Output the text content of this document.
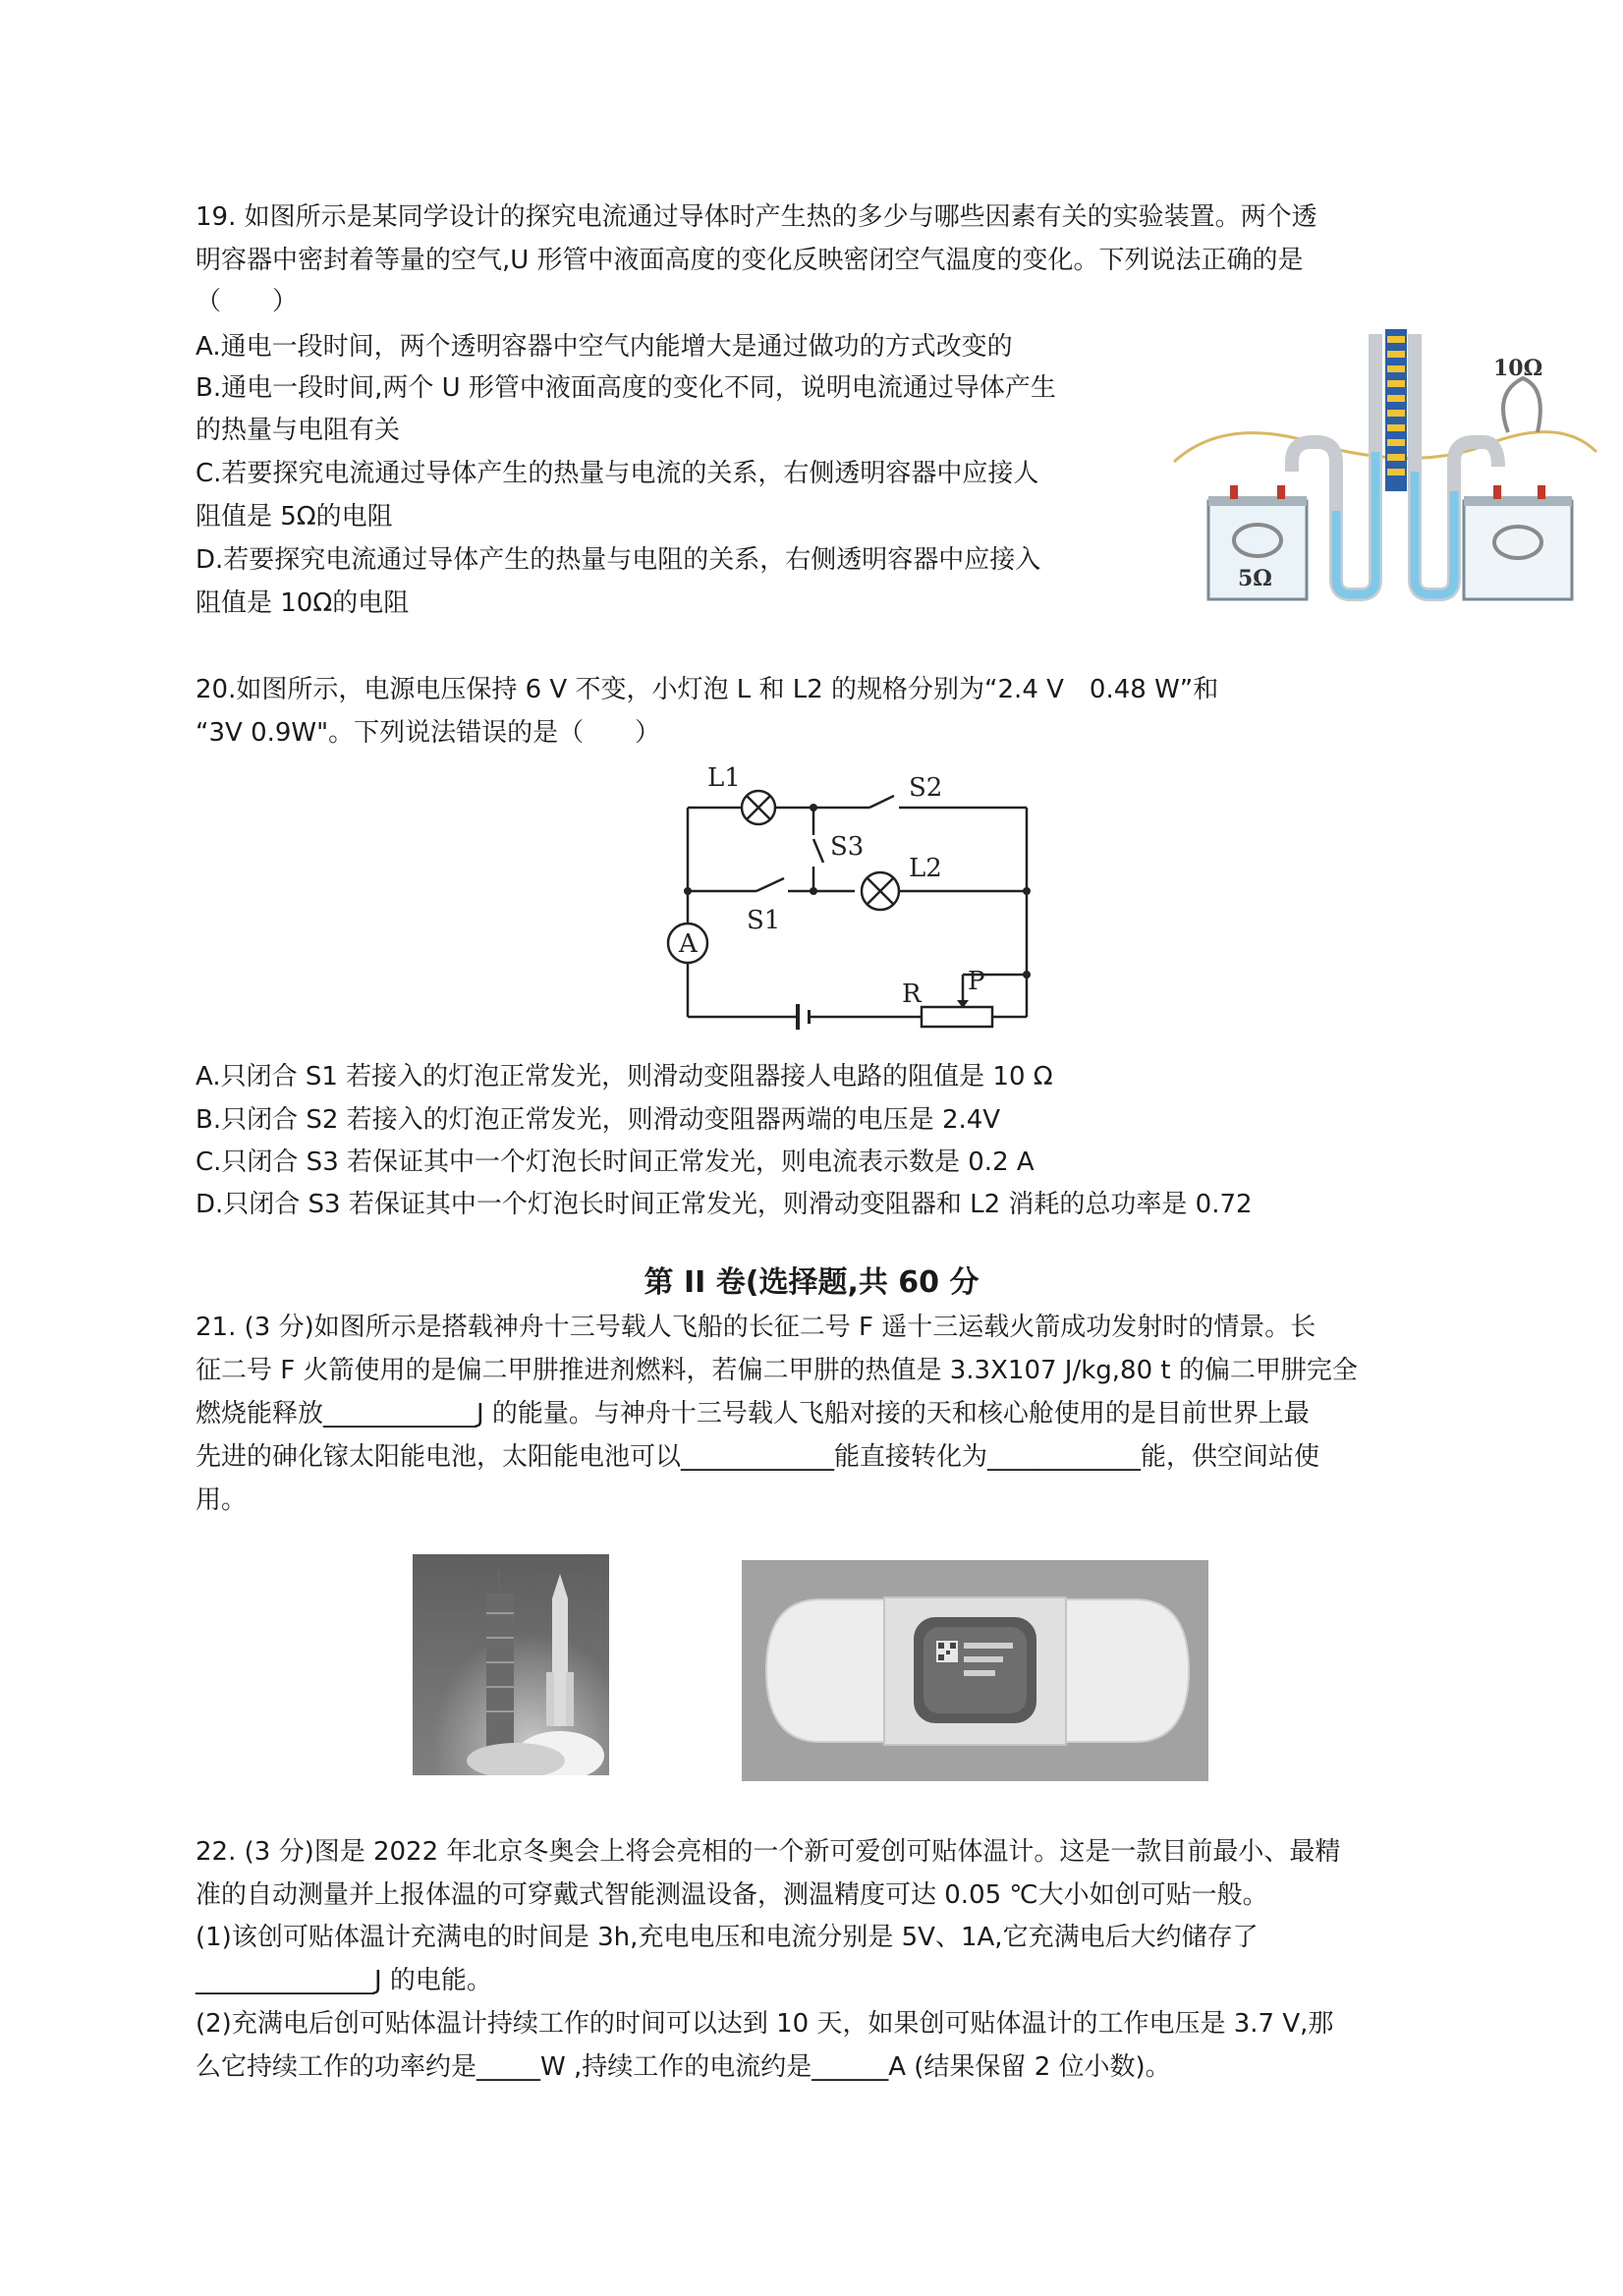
19. 如图所示是某同学设计的探究电流通过导体时产生热的多少与哪些因素有关的实验装置。两个透
明容器中密封着等量的空气,U 形管中液面高度的变化反映密闭空气温度的变化。下列说法正确的是
（　　）
A.通电一段时间，两个透明容器中空气内能增大是通过做功的方式改变的
B.通电一段时间,两个 U 形管中液面高度的变化不同，说明电流通过导体产生
的热量与电阻有关
C.若要探究电流通过导体产生的热量与电流的关系，右侧透明容器中应接人
阻值是 5Ω的电阻
D.若要探究电流通过导体产生的热量与电阻的关系，右侧透明容器中应接入
阻值是 10Ω的电阻
10Ω
5Ω
20.如图所示，电源电压保持 6 V 不变，小灯泡 L 和 L2 的规格分别为“2.4 V　0.48 W”和
“3V 0.9W"。下列说法错误的是（　　）
L1	S2
S3
L2
S1
A
R P
A.只闭合 S1 若接入的灯泡正常发光，则滑动变阻器接人电路的阻值是 10 Ω
B.只闭合 S2 若接入的灯泡正常发光，则滑动变阻器两端的电压是 2.4V
C.只闭合 S3 若保证其中一个灯泡长时间正常发光，则电流表示数是 0.2 A
D.只闭合 S3 若保证其中一个灯泡长时间正常发光，则滑动变阻器和 L2 消耗的总功率是 0.72
第 II 卷(选择题,共 60 分
21. (3 分)如图所示是搭载神舟十三号载人飞船的长征二号 F 遥十三运载火箭成功发射时的情景。长
征二号 F 火箭使用的是偏二甲肼推进剂燃料，若偏二甲肼的热值是 3.3X107 J/kg,80 t 的偏二甲肼完全
燃烧能释放____________J 的能量。与神舟十三号载人飞船对接的天和核心舱使用的是目前世界上最
先进的砷化镓太阳能电池，太阳能电池可以____________能直接转化为____________能，供空间站使
用。
22. (3 分)图是 2022 年北京冬奥会上将会亮相的一个新可爱创可贴体温计。这是一款目前最小、最精
准的自动测量并上报体温的可穿戴式智能测温设备，测温精度可达 0.05 ℃大小如创可贴一般。
(1)该创可贴体温计充满电的时间是 3h,充电电压和电流分别是 5V、1A,它充满电后大约储存了
______________J 的电能。
(2)充满电后创可贴体温计持续工作的时间可以达到 10 天，如果创可贴体温计的工作电压是 3.7 V,那
么它持续工作的功率约是_____W ,持续工作的电流约是______A (结果保留 2 位小数)。
